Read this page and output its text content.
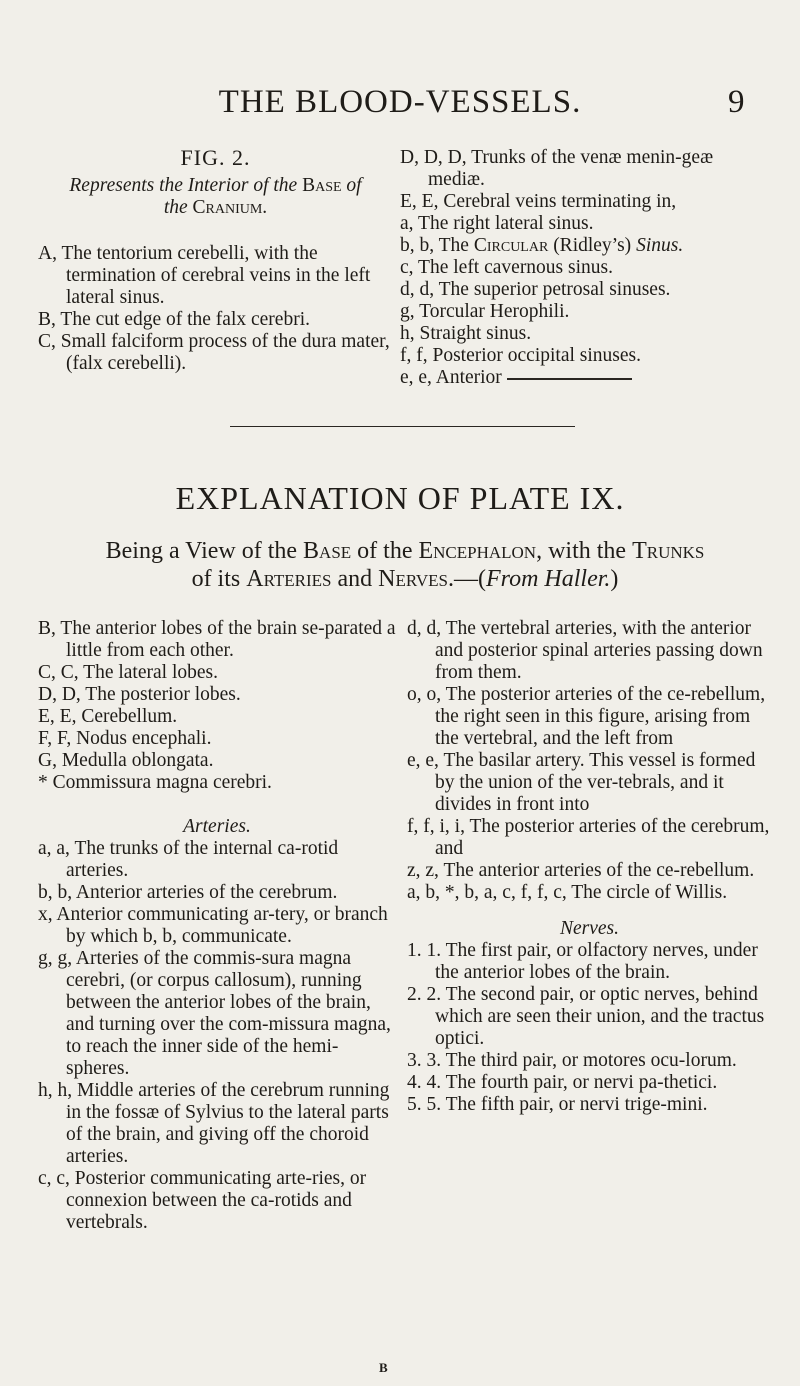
THE BLOOD-VESSELS.	9

FIG. 2.

Represents the Interior of the Base of
the Cranium.

A, The tentorium cerebelli, with the termination of cerebral veins in the left lateral sinus.

B, The cut edge of the falx cerebri.

C, Small falciform process of the dura mater, (falx cerebelli).

D, D, D, Trunks of the venæ menin-geæ mediæ.

E, E, Cerebral veins terminating in,

a, The right lateral sinus.

b, b, The Circular (Ridley’s) Sinus.

c, The left cavernous sinus.

d, d, The superior petrosal sinuses.

g, Torcular Herophili.

h, Straight sinus.

f, f, Posterior occipital sinuses.

e, e, Anterior

EXPLANATION OF PLATE IX.
Being a View of the Base of the Encephalon, with the Trunks
of its Arteries and Nerves.—(From Haller.)

B, The anterior lobes of the brain se-parated a little from each other.

C, C, The lateral lobes.

D, D, The posterior lobes.

E, E, Cerebellum.

F, F, Nodus encephali.

G, Medulla oblongata.

* Commissura magna cerebri.

Arteries.

a, a, The trunks of the internal ca-rotid arteries.

b, b, Anterior arteries of the cerebrum.

x, Anterior communicating ar-tery, or branch by which b, b, communicate.

g, g, Arteries of the commis-sura magna cerebri, (or corpus callosum), running between the anterior lobes of the brain, and turning over the com-missura magna, to reach the inner side of the hemi-spheres.

h, h, Middle arteries of the cerebrum running in the fossæ of Sylvius to the lateral parts of the brain, and giving off the choroid arteries.

c, c, Posterior communicating arte-ries, or connexion between the ca-rotids and vertebrals.

d, d, The vertebral arteries, with the anterior and posterior spinal arteries passing down from them.

o, o, The posterior arteries of the ce-rebellum, the right seen in this figure, arising from the vertebral, and the left from

e, e, The basilar artery. This vessel is formed by the union of the ver-tebrals, and it divides in front into

f, f, i, i, The posterior arteries of the cerebrum, and

z, z, The anterior arteries of the ce-rebellum.

a, b, *, b, a, c, f, f, c, The circle of Willis.

Nerves.

1. 1. The first pair, or olfactory nerves, under the anterior lobes of the brain.

2. 2. The second pair, or optic nerves, behind which are seen their union, and the tractus optici.

3. 3. The third pair, or motores ocu-lorum.

4. 4. The fourth pair, or nervi pa-thetici.

5. 5. The fifth pair, or nervi trige-mini.

B
